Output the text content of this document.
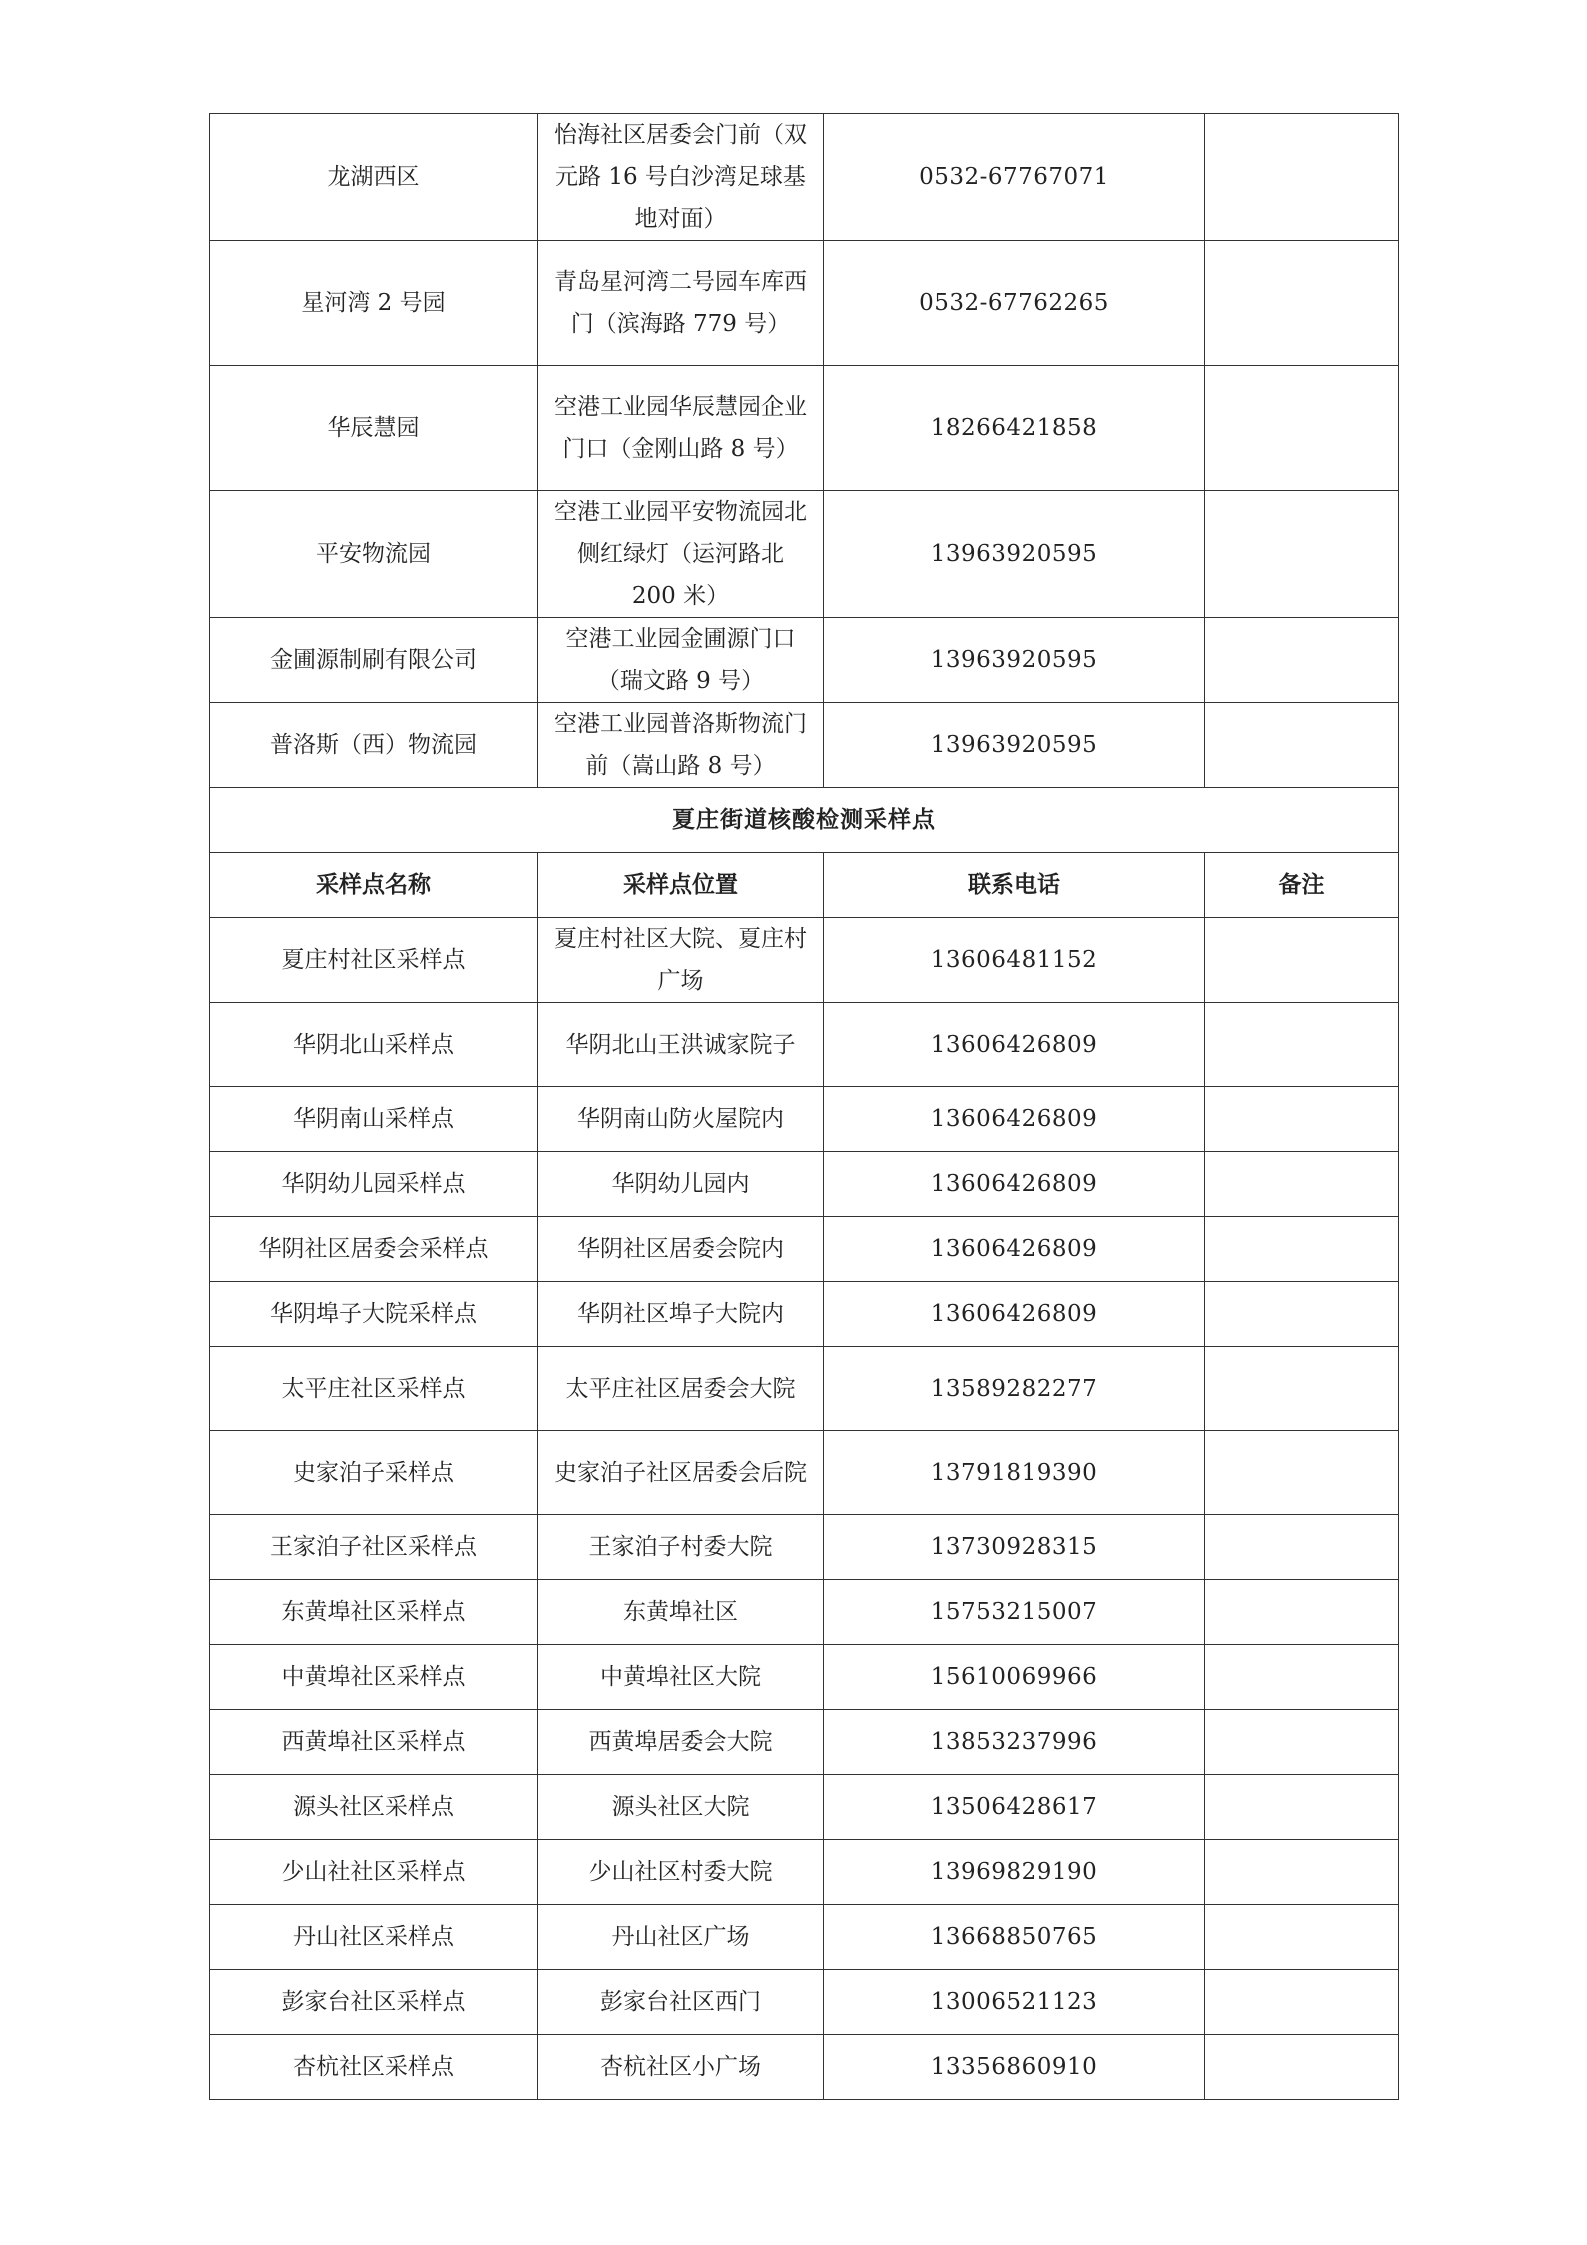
龙湖西区	怡海社区居委会门前（双元路 16 号白沙湾足球基地对面）	0532-67767071	
星河湾 2 号园	青岛星河湾二号园车库西门（滨海路 779 号）	0532-67762265	
华辰慧园	空港工业园华辰慧园企业门口（金刚山路 8 号）	18266421858	
平安物流园	空港工业园平安物流园北侧红绿灯（运河路北 200 米）	13963920595	
金圃源制刷有限公司	空港工业园金圃源门口（瑞文路 9 号）	13963920595	
普洛斯（西）物流园	空港工业园普洛斯物流门前（嵩山路 8 号）	13963920595	
夏庄街道核酸检测采样点			
采样点名称	采样点位置	联系电话	备注
夏庄村社区采样点	夏庄村社区大院、夏庄村广场	13606481152	
华阴北山采样点	华阴北山王洪诚家院子	13606426809	
华阴南山采样点	华阴南山防火屋院内	13606426809	
华阴幼儿园采样点	华阴幼儿园内	13606426809	
华阴社区居委会采样点	华阴社区居委会院内	13606426809	
华阴埠子大院采样点	华阴社区埠子大院内	13606426809	
太平庄社区采样点	太平庄社区居委会大院	13589282277	
史家泊子采样点	史家泊子社区居委会后院	13791819390	
王家泊子社区采样点	王家泊子村委大院	13730928315	
东黄埠社区采样点	东黄埠社区	15753215007	
中黄埠社区采样点	中黄埠社区大院	15610069966	
西黄埠社区采样点	西黄埠居委会大院	13853237996	
源头社区采样点	源头社区大院	13506428617	
少山社社区采样点	少山社区村委大院	13969829190	
丹山社区采样点	丹山社区广场	13668850765	
彭家台社区采样点	彭家台社区西门	13006521123	
杏杭社区采样点	杏杭社区小广场	13356860910	
